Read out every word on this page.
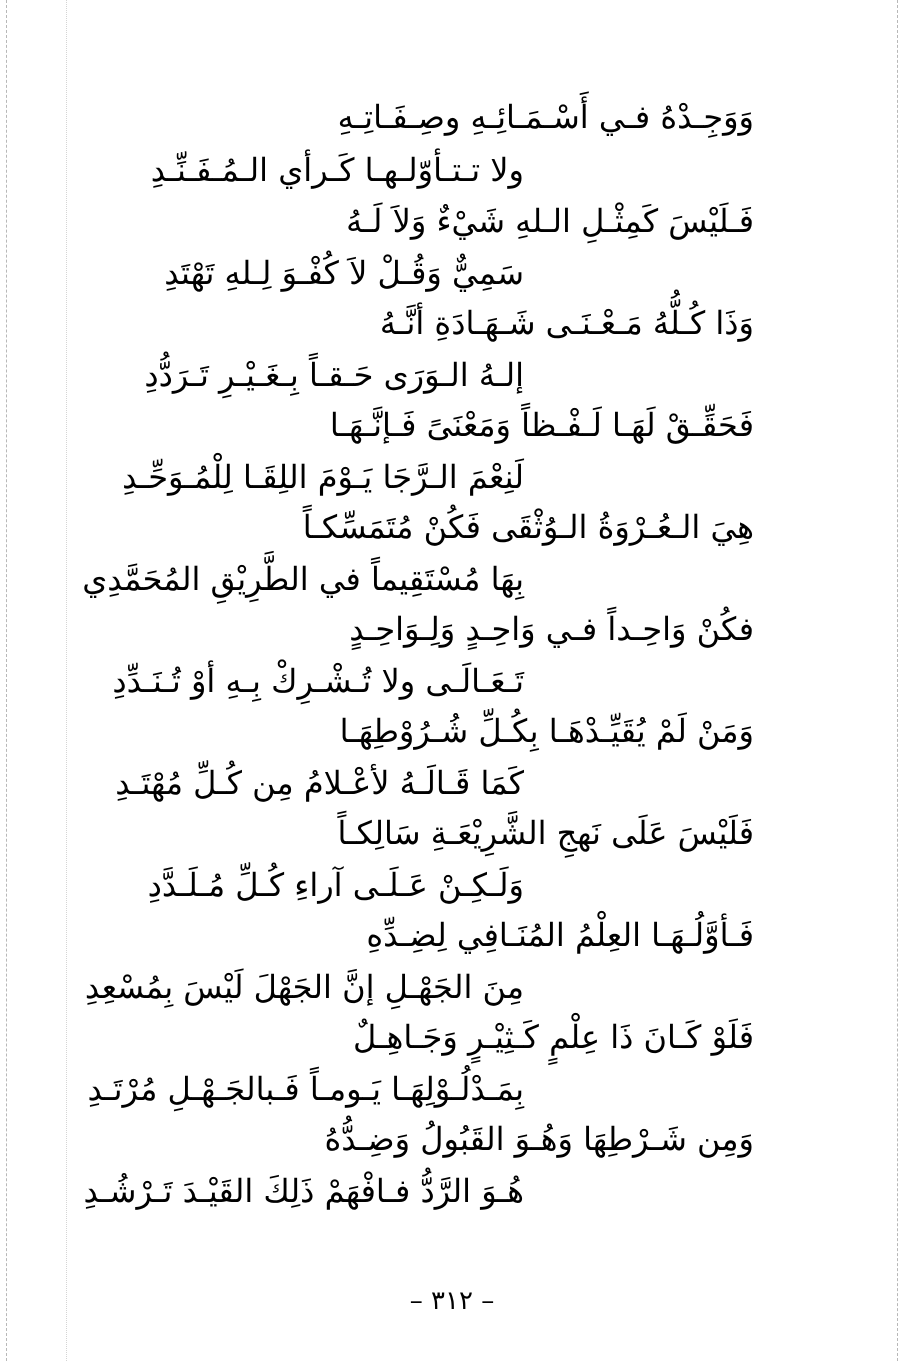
وَوَجِـدْهُ فـي أَسْـمَـائِـهِ وصِـفَـاتِـهِ
ولا تـتـأوّلـهـا كَـرأي الـمُـفَـنِّـدِ
فَـلَيْسَ كَمِثْـلِ الـلهِ شَيْءٌ وَلاَ لَـهُ
سَمِيٌّ وَقُـلْ لاَ كُفْـوَ لِـلهِ تَهْتَدِ
وَذَا كُـلُّهُ مَـعْـنَـى شَـهَـادَةِ أنَّـهُ
إلـهُ الـوَرَى حَـقـاً بِـغَـيْـرِ تَـرَدُّدِ
فَحَقِّـقْ لَهَـا لَـفْـظاً وَمَعْنَىً فَـإنَّـهَـا
لَنِعْمَ الـرَّجَا يَـوْمَ اللِقَـا لِلْمُـوَحِّـدِ
هِيَ الـعُـرْوَةُ الـوُثْقَى فَكُنْ مُتَمَسِّكـاً
بِهَا مُسْتَقِيماً في الطَّرِيْقِ المُحَمَّدِي
فكُنْ وَاحِـداً فـي وَاحِـدٍ وَلِـوَاحِـدٍ
تَـعَـالَـى ولا تُـشْـرِكْ بِـهِ أوْ تُـنَـدِّدِ
وَمَنْ لَمْ يُقَيِّـدْهَـا بِكُـلِّ شُـرُوْطِهَـا
كَمَا قَـالَـهُ لأعْـلامُ مِن كُـلِّ مُهْتَـدِ
فَلَيْسَ عَلَى نَهجِ الشَّرِيْعَـةِ سَالِكـاً
وَلَـكِـنْ عَـلَـى آراءِ كُـلِّ مُـلَـدَّدِ
فَـأوَّلُـهَـا العِلْمُ المُنَـافِي لِضِـدِّهِ
مِنَ الجَهْـلِ إنَّ الجَهْلَ لَيْسَ بِمُسْعِدِ
فَلَوْ كَـانَ ذَا عِلْمٍ كَـثِيْـرٍ وَجَـاهِـلٌ
بِمَـدْلُـوْلِهَـا يَـومـاً فَـبالجَـهْـلِ مُرْتَـدِ
وَمِن شَـرْطِهَا وَهُـوَ القَبُولُ وَضِـدُّهُ
هُـوَ الرَّدُّ فـافْهَمْ ذَلِكَ القَيْـدَ تَـرْشُـدِ
– ٣١٢ –
